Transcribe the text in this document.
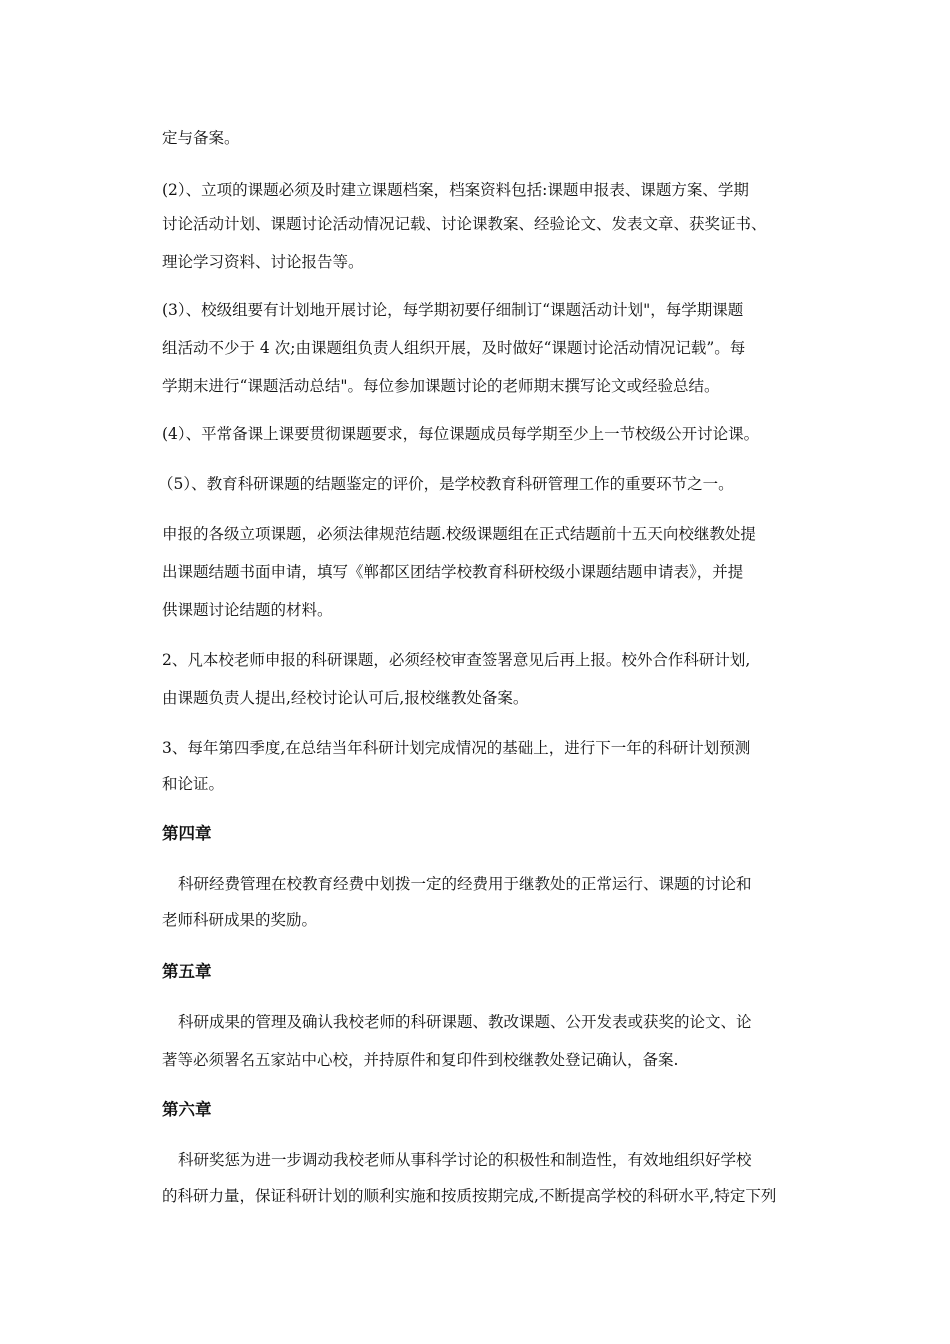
定与备案。
(2）、立项的课题必须及时建立课题档案，档案资料包括:课题申报表、课题方案、学期
讨论活动计划、课题讨论活动情况记载、讨论课教案、经验论文、发表文章、获奖证书、
理论学习资料、讨论报告等。
(3）、校级组要有计划地开展讨论，每学期初要仔细制订“课题活动计划"，每学期课题
组活动不少于 4 次;由课题组负责人组织开展，及时做好“课题讨论活动情况记载”。每
学期末进行“课题活动总结"。每位参加课题讨论的老师期末撰写论文或经验总结。
(4）、平常备课上课要贯彻课题要求，每位课题成员每学期至少上一节校级公开讨论课。
（5）、教育科研课题的结题鉴定的评价，是学校教育科研管理工作的重要环节之一。
申报的各级立项课题，必须法律规范结题.校级课题组在正式结题前十五天向校继教处提
出课题结题书面申请，填写《郸都区团结学校教育科研校级小课题结题申请表》，并提
供课题讨论结题的材料。
2、凡本校老师申报的科研课题，必须经校审查签署意见后再上报。校外合作科研计划,
由课题负责人提出,经校讨论认可后,报校继教处备案。
3、每年第四季度,在总结当年科研计划完成情况的基础上，进行下一年的科研计划预测
和论证。
第四章
科研经费管理在校教育经费中划拨一定的经费用于继教处的正常运行、课题的讨论和
老师科研成果的奖励。
第五章
科研成果的管理及确认我校老师的科研课题、教改课题、公开发表或获奖的论文、论
著等必须署名五家站中心校，并持原件和复印件到校继教处登记确认，备案.
第六章
科研奖惩为进一步调动我校老师从事科学讨论的积极性和制造性，有效地组织好学校
的科研力量，保证科研计划的顺利实施和按质按期完成,不断提高学校的科研水平,特定下列
